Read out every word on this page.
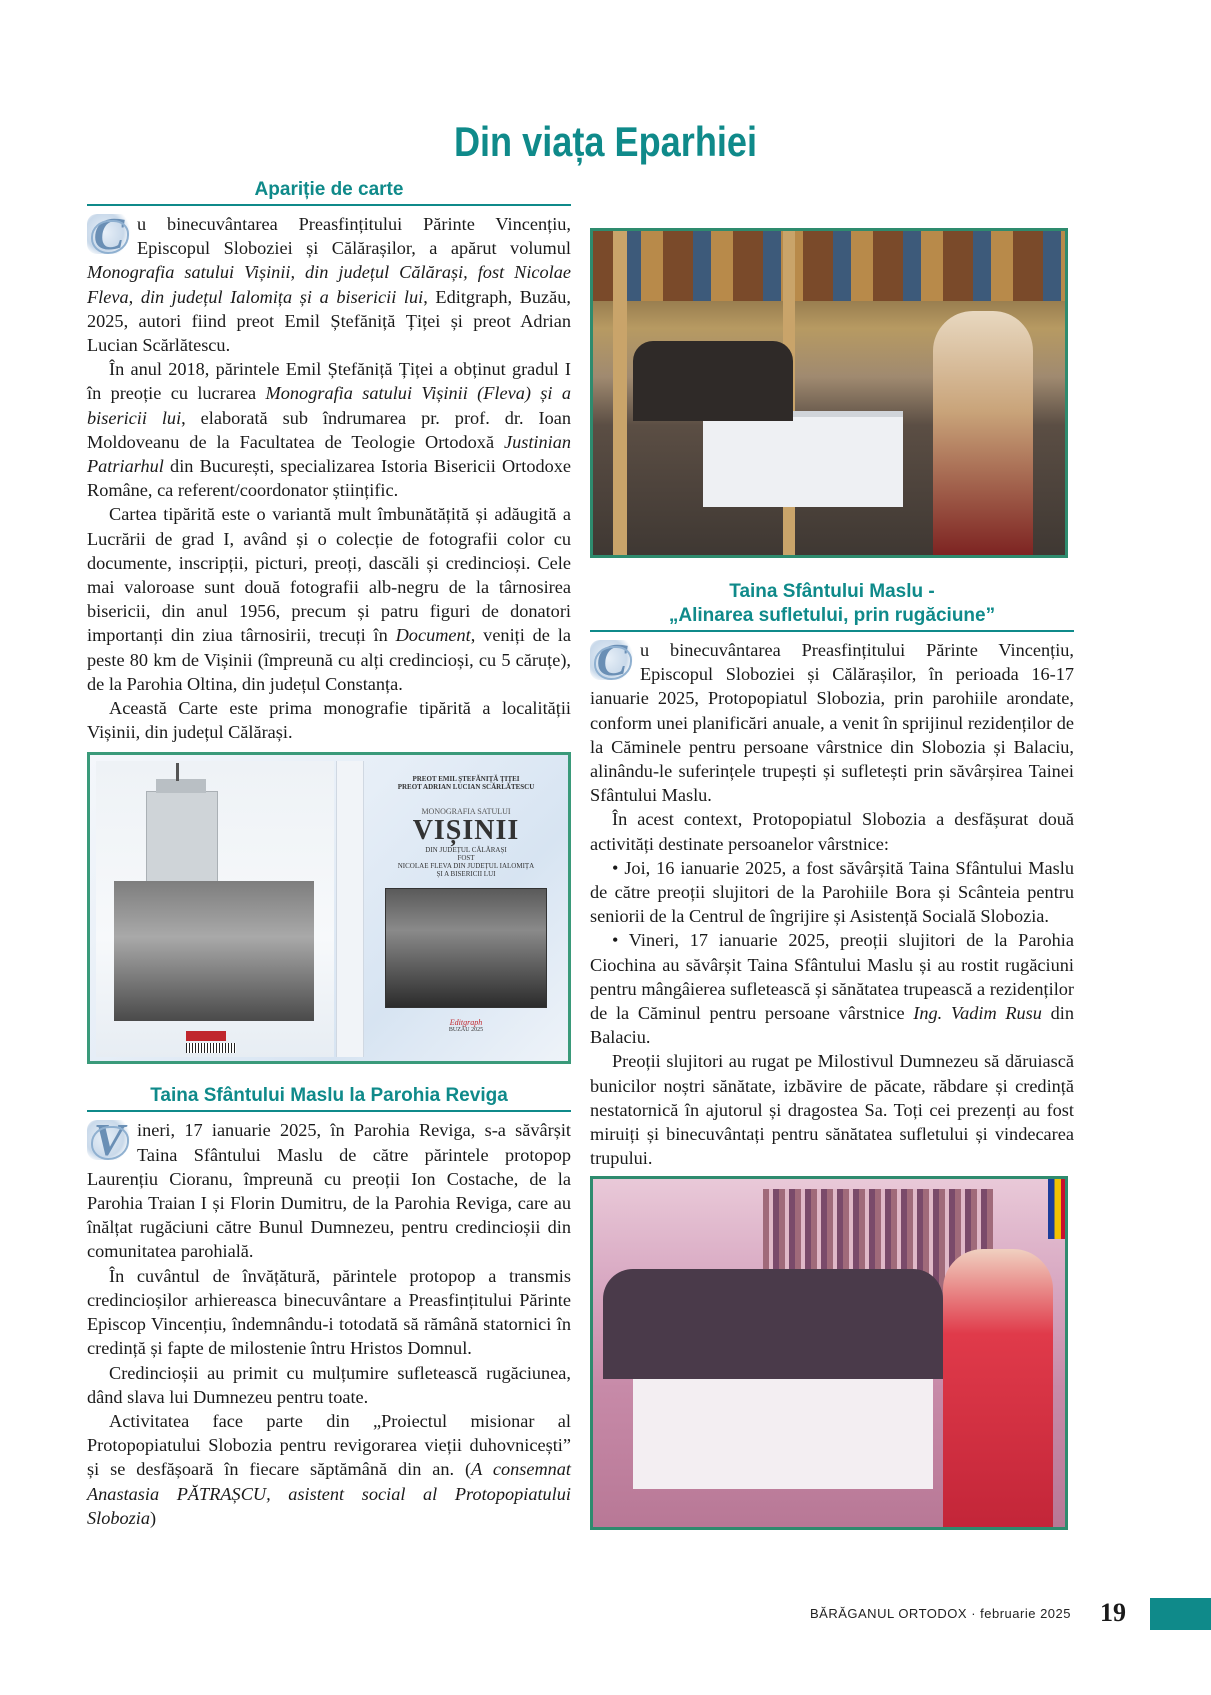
Din viața Eparhiei
Apariție de carte

C u binecuvântarea Preasfințitului Părinte Vincențiu, Episcopul Sloboziei și Călărașilor, a apărut volumul Monografia satului Vișinii, din județul Călărași, fost Nicolae Fleva, din județul Ialomița și a bisericii lui, Editgraph, Buzău, 2025, autori fiind preot Emil Ștefăniță Țiței și preot Adrian Lucian Scărlătescu.

În anul 2018, părintele Emil Ștefăniță Țiței a obținut gradul I în preoție cu lucrarea Monografia satului Vișinii (Fleva) și a bisericii lui, elaborată sub îndrumarea pr. prof. dr. Ioan Moldoveanu de la Facultatea de Teologie Ortodoxă Justinian Patriarhul din București, specializarea Istoria Bisericii Ortodoxe Române, ca referent/coordonator științific.

Cartea tipărită este o variantă mult îmbunătățită și adăugită a Lucrării de grad I, având și o colecție de fotografii color cu documente, inscripții, picturi, preoți, dascăli și credincioși. Cele mai valoroase sunt două fotografii alb-negru de la târnosirea bisericii, din anul 1956, precum și patru figuri de donatori importanți din ziua târnosirii, trecuți în Document, veniți de la peste 80 km de Vișinii (împreună cu alți credincioși, cu 5 căruțe), de la Parohia Oltina, din județul Constanța.

Această Carte este prima monografie tipărită a localității Vișinii, din județul Călărași.

PREOT EMIL ȘTEFĂNIȚĂ ȚIȚEI
PREOT ADRIAN LUCIAN SCĂRLĂTESCU
MONOGRAFIA SATULUI
VIȘINII
DIN JUDEȚUL CĂLĂRAȘI
FOST
NICOLAE FLEVA DIN JUDEȚUL IALOMIȚA
ȘI A BISERICII LUI
Editgraph
BUZĂU 2025
Taina Sfântului Maslu la Parohia Reviga

V ineri, 17 ianuarie 2025, în Parohia Reviga, s-a săvârșit Taina Sfântului Maslu de către părintele protopop Laurențiu Cioranu, împreună cu preoții Ion Costache, de la Parohia Traian I și Florin Dumitru, de la Parohia Reviga, care au înălțat rugăciuni către Bunul Dumnezeu, pentru credincioșii din comunitatea parohială.

În cuvântul de învățătură, părintele protopop a transmis credincioșilor arhiereasca binecuvântare a Preasfințitului Părinte Episcop Vincențiu, îndemnându-i totodată să rămână statornici în credință și fapte de milostenie întru Hristos Domnul.

Credincioșii au primit cu mulțumire sufletească rugăciunea, dând slava lui Dumnezeu pentru toate.

Activitatea face parte din „Proiectul misionar al Protopopiatului Slobozia pentru revigorarea vieții duhovnicești” și se desfășoară în fiecare săptămână din an. (A consemnat Anastasia PĂTRAȘCU, asistent social al Protopopiatului Slobozia)

Taina Sfântului Maslu -
„Alinarea sufletului, prin rugăciune”

C u binecuvântarea Preasfințitului Părinte Vincențiu, Episcopul Sloboziei și Călărașilor, în perioada 16-17 ianuarie 2025, Protopopiatul Slobozia, prin parohiile arondate, conform unei planificări anuale, a venit în sprijinul rezidenților de la Căminele pentru persoane vârstnice din Slobozia și Balaciu, alinându-le suferințele trupești și sufletești prin săvârșirea Tainei Sfântului Maslu.

În acest context, Protopopiatul Slobozia a desfășurat două activități destinate persoanelor vârstnice:

• Joi, 16 ianuarie 2025, a fost săvârșită Taina Sfântului Maslu de către preoții slujitori de la Parohiile Bora și Scânteia pentru seniorii de la Centrul de îngrijire și Asistență Socială Slobozia.

• Vineri, 17 ianuarie 2025, preoții slujitori de la Parohia Ciochina au săvârșit Taina Sfântului Maslu și au rostit rugăciuni pentru mângâierea sufletească și sănătatea trupească a rezidenților de la Căminul pentru persoane vârstnice Ing. Vadim Rusu din Balaciu.

Preoții slujitori au rugat pe Milostivul Dumnezeu să dăruiască bunicilor noștri sănătate, izbăvire de păcate, răbdare și credință nestatornică în ajutorul și dragostea Sa. Toți cei prezenți au fost miruiți și binecuvântați pentru sănătatea sufletului și vindecarea trupului.

BĂRĂGANUL ORTODOX · februarie 2025 19
